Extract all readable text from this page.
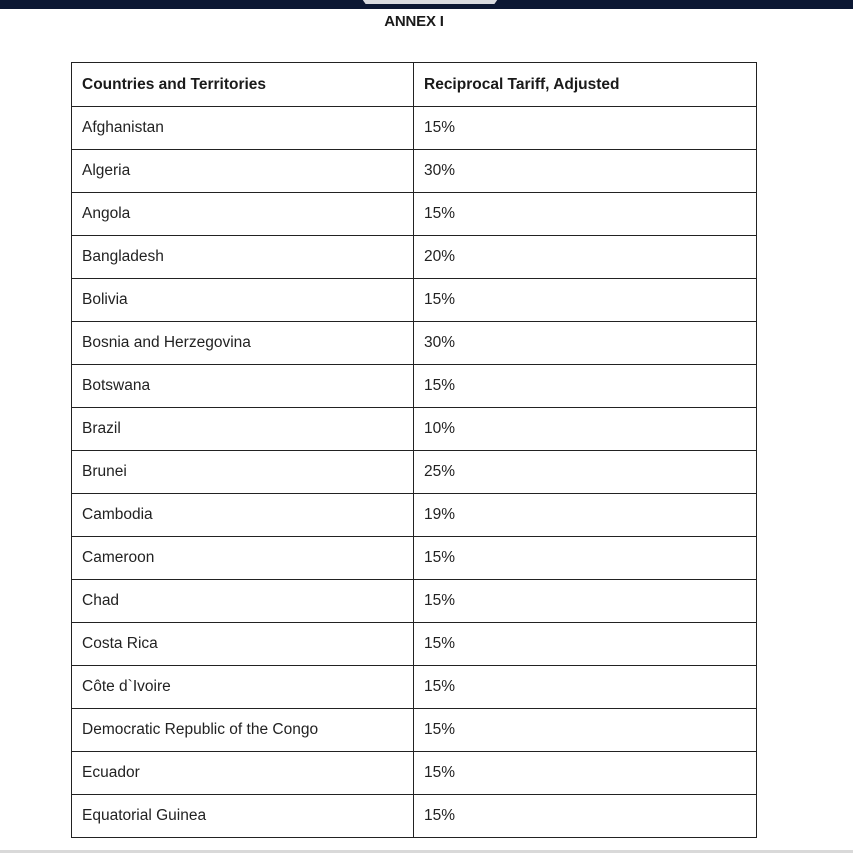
ANNEX I
Countries and Territories	Reciprocal Tariff, Adjusted
Afghanistan	15%
Algeria	30%
Angola	15%
Bangladesh	20%
Bolivia	15%
Bosnia and Herzegovina	30%
Botswana	15%
Brazil	10%
Brunei	25%
Cambodia	19%
Cameroon	15%
Chad	15%
Costa Rica	15%
Côte d`Ivoire	15%
Democratic Republic of the Congo	15%
Ecuador	15%
Equatorial Guinea	15%
